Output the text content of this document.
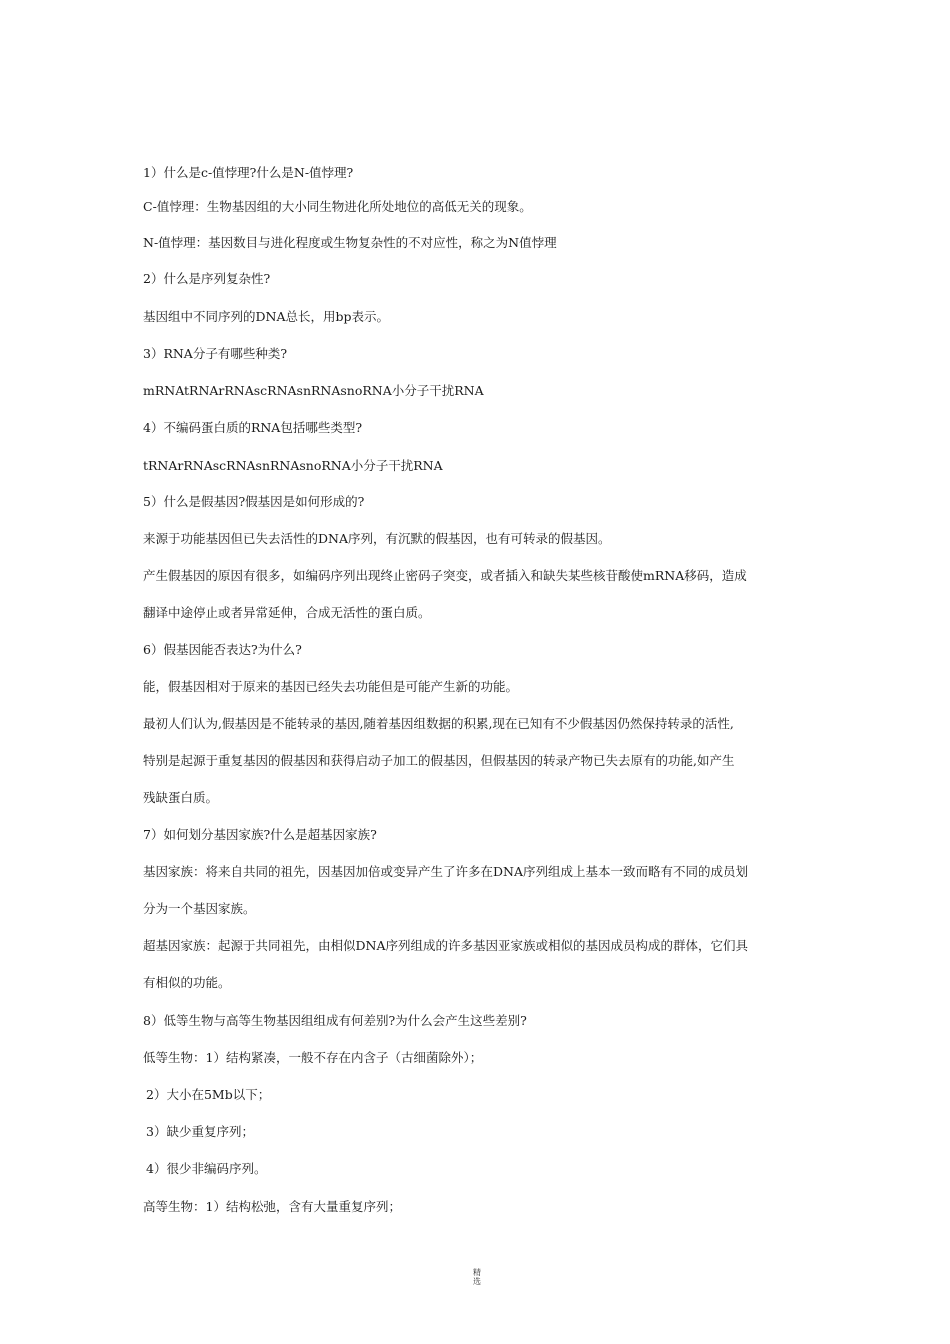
1）什么是c-值悖理?什么是N-值悖理?
C-值悖理：生物基因组的大小同生物进化所处地位的高低无关的现象。
N-值悖理：基因数目与进化程度或生物复杂性的不对应性，称之为N值悖理
2）什么是序列复杂性?
基因组中不同序列的DNA总长，用bp表示。
3）RNA分子有哪些种类?
mRNAtRNArRNAscRNAsnRNAsnoRNA小分子干扰RNA
4）不编码蛋白质的RNA包括哪些类型?
tRNArRNAscRNAsnRNAsnoRNA小分子干扰RNA
5）什么是假基因?假基因是如何形成的?
来源于功能基因但已失去活性的DNA序列，有沉默的假基因，也有可转录的假基因。
产生假基因的原因有很多，如编码序列出现终止密码子突变，或者插入和缺失某些核苷酸使mRNA移码，造成
翻译中途停止或者异常延伸，合成无活性的蛋白质。
6）假基因能否表达?为什么?
能，假基因相对于原来的基因已经失去功能但是可能产生新的功能。
最初人们认为,假基因是不能转录的基因,随着基因组数据的积累,现在已知有不少假基因仍然保持转录的活性,
特别是起源于重复基因的假基因和获得启动子加工的假基因，但假基因的转录产物已失去原有的功能,如产生
残缺蛋白质。
7）如何划分基因家族?什么是超基因家族?
基因家族：将来自共同的祖先，因基因加倍或变异产生了许多在DNA序列组成上基本一致而略有不同的成员划
分为一个基因家族。
超基因家族：起源于共同祖先，由相似DNA序列组成的许多基因亚家族或相似的基因成员构成的群体，它们具
有相似的功能。
8）低等生物与高等生物基因组组成有何差别?为什么会产生这些差别?
低等生物：1）结构紧凑，一般不存在内含子（古细菌除外）；
2）大小在5Mb以下；
3）缺少重复序列；
4）很少非编码序列。
高等生物：1）结构松弛，含有大量重复序列；
精选
